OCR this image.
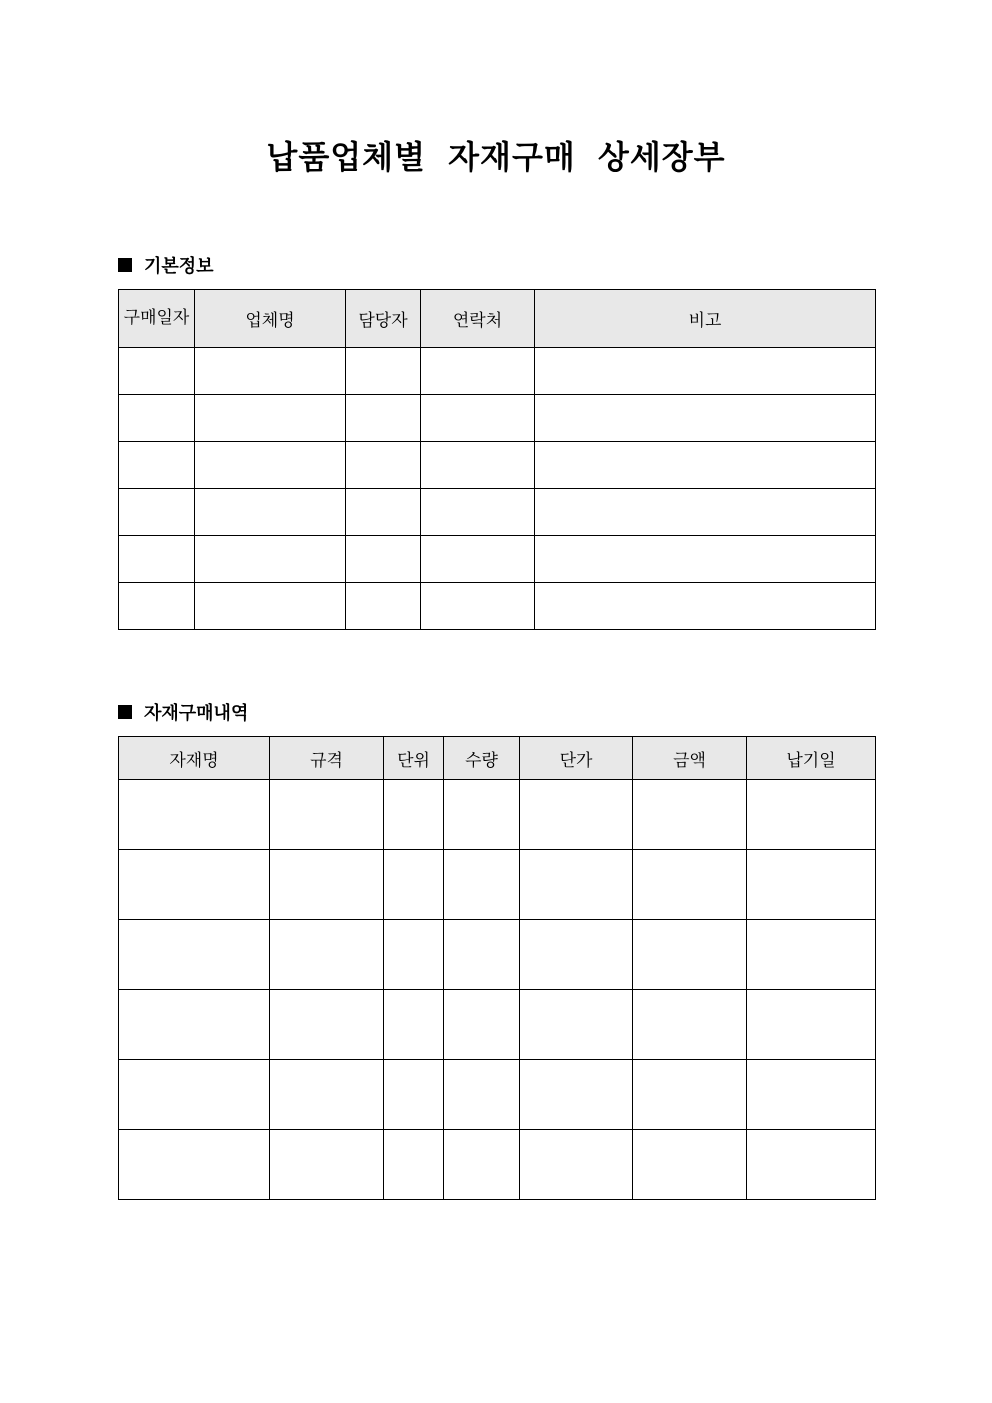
납품업체별 자재구매 상세장부
기본정보
구매일자	업체명	담당자	연락처	비고

자재구매내역
자재명	규격	단위	수량	단가	금액	납기일
